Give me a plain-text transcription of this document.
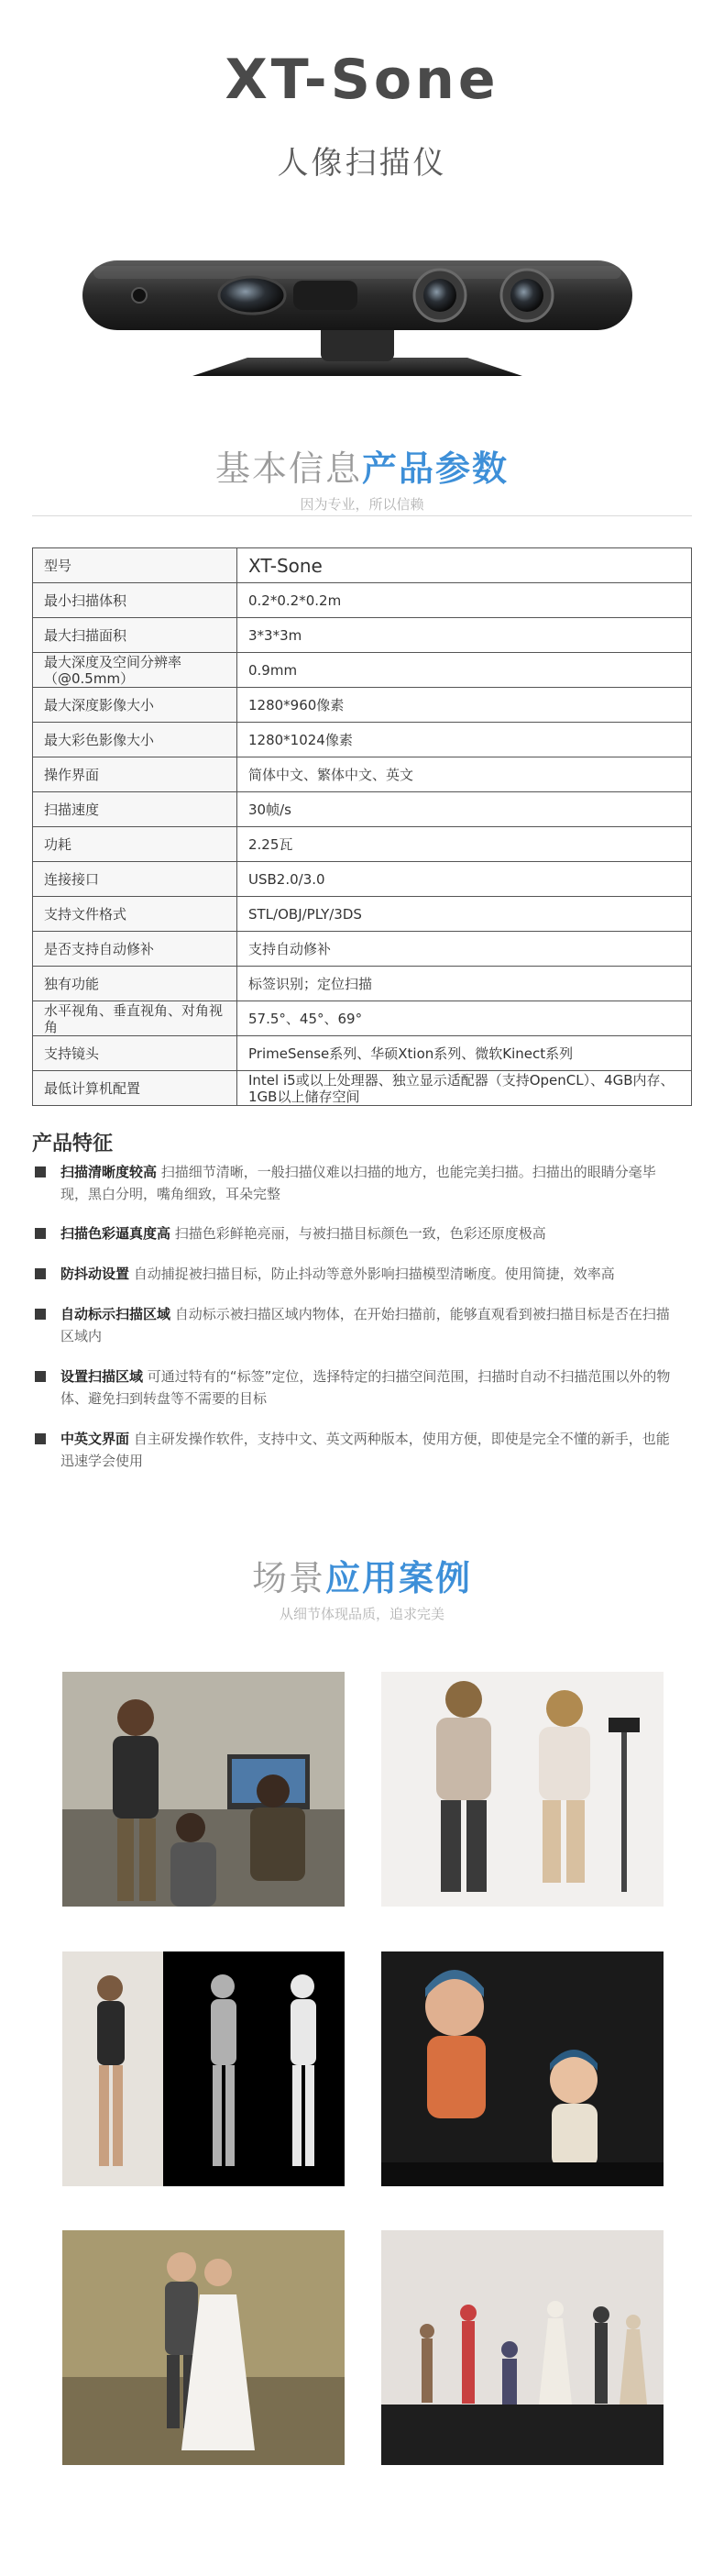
XT-Sone
人像扫描仪
基本信息产品参数
因为专业，所以信赖
型号	XT-Sone
最小扫描体积	0.2*0.2*0.2m
最大扫描面积	3*3*3m
最大深度及空间分辨率（@0.5mm）	0.9mm
最大深度影像大小	1280*960像素
最大彩色影像大小	1280*1024像素
操作界面	简体中文、繁体中文、英文
扫描速度	30帧/s
功耗	2.25瓦
连接接口	USB2.0/3.0
支持文件格式	STL/OBJ/PLY/3DS
是否支持自动修补	支持自动修补
独有功能	标签识别；定位扫描
水平视角、垂直视角、对角视角	57.5°、45°、69°
支持镜头	PrimeSense系列、华硕Xtion系列、微软Kinect系列
最低计算机配置	Intel i5或以上处理器、独立显示适配器（支持OpenCL）、4GB内存、1GB以上储存空间
产品特征
扫描清晰度较高 扫描细节清晰，一般扫描仪难以扫描的地方，也能完美扫描。扫描出的眼睛分毫毕现，黑白分明，嘴角细致，耳朵完整
扫描色彩逼真度高 扫描色彩鲜艳亮丽，与被扫描目标颜色一致，色彩还原度极高
防抖动设置 自动捕捉被扫描目标，防止抖动等意外影响扫描模型清晰度。使用简捷，效率高
自动标示扫描区域 自动标示被扫描区域内物体，在开始扫描前，能够直观看到被扫描目标是否在扫描区域内
设置扫描区域 可通过特有的“标签”定位，选择特定的扫描空间范围，扫描时自动不扫描范围以外的物体、避免扫到转盘等不需要的目标
中英文界面 自主研发操作软件，支持中文、英文两种版本，使用方便，即使是完全不懂的新手，也能迅速学会使用
场景应用案例
从细节体现品质，追求完美
